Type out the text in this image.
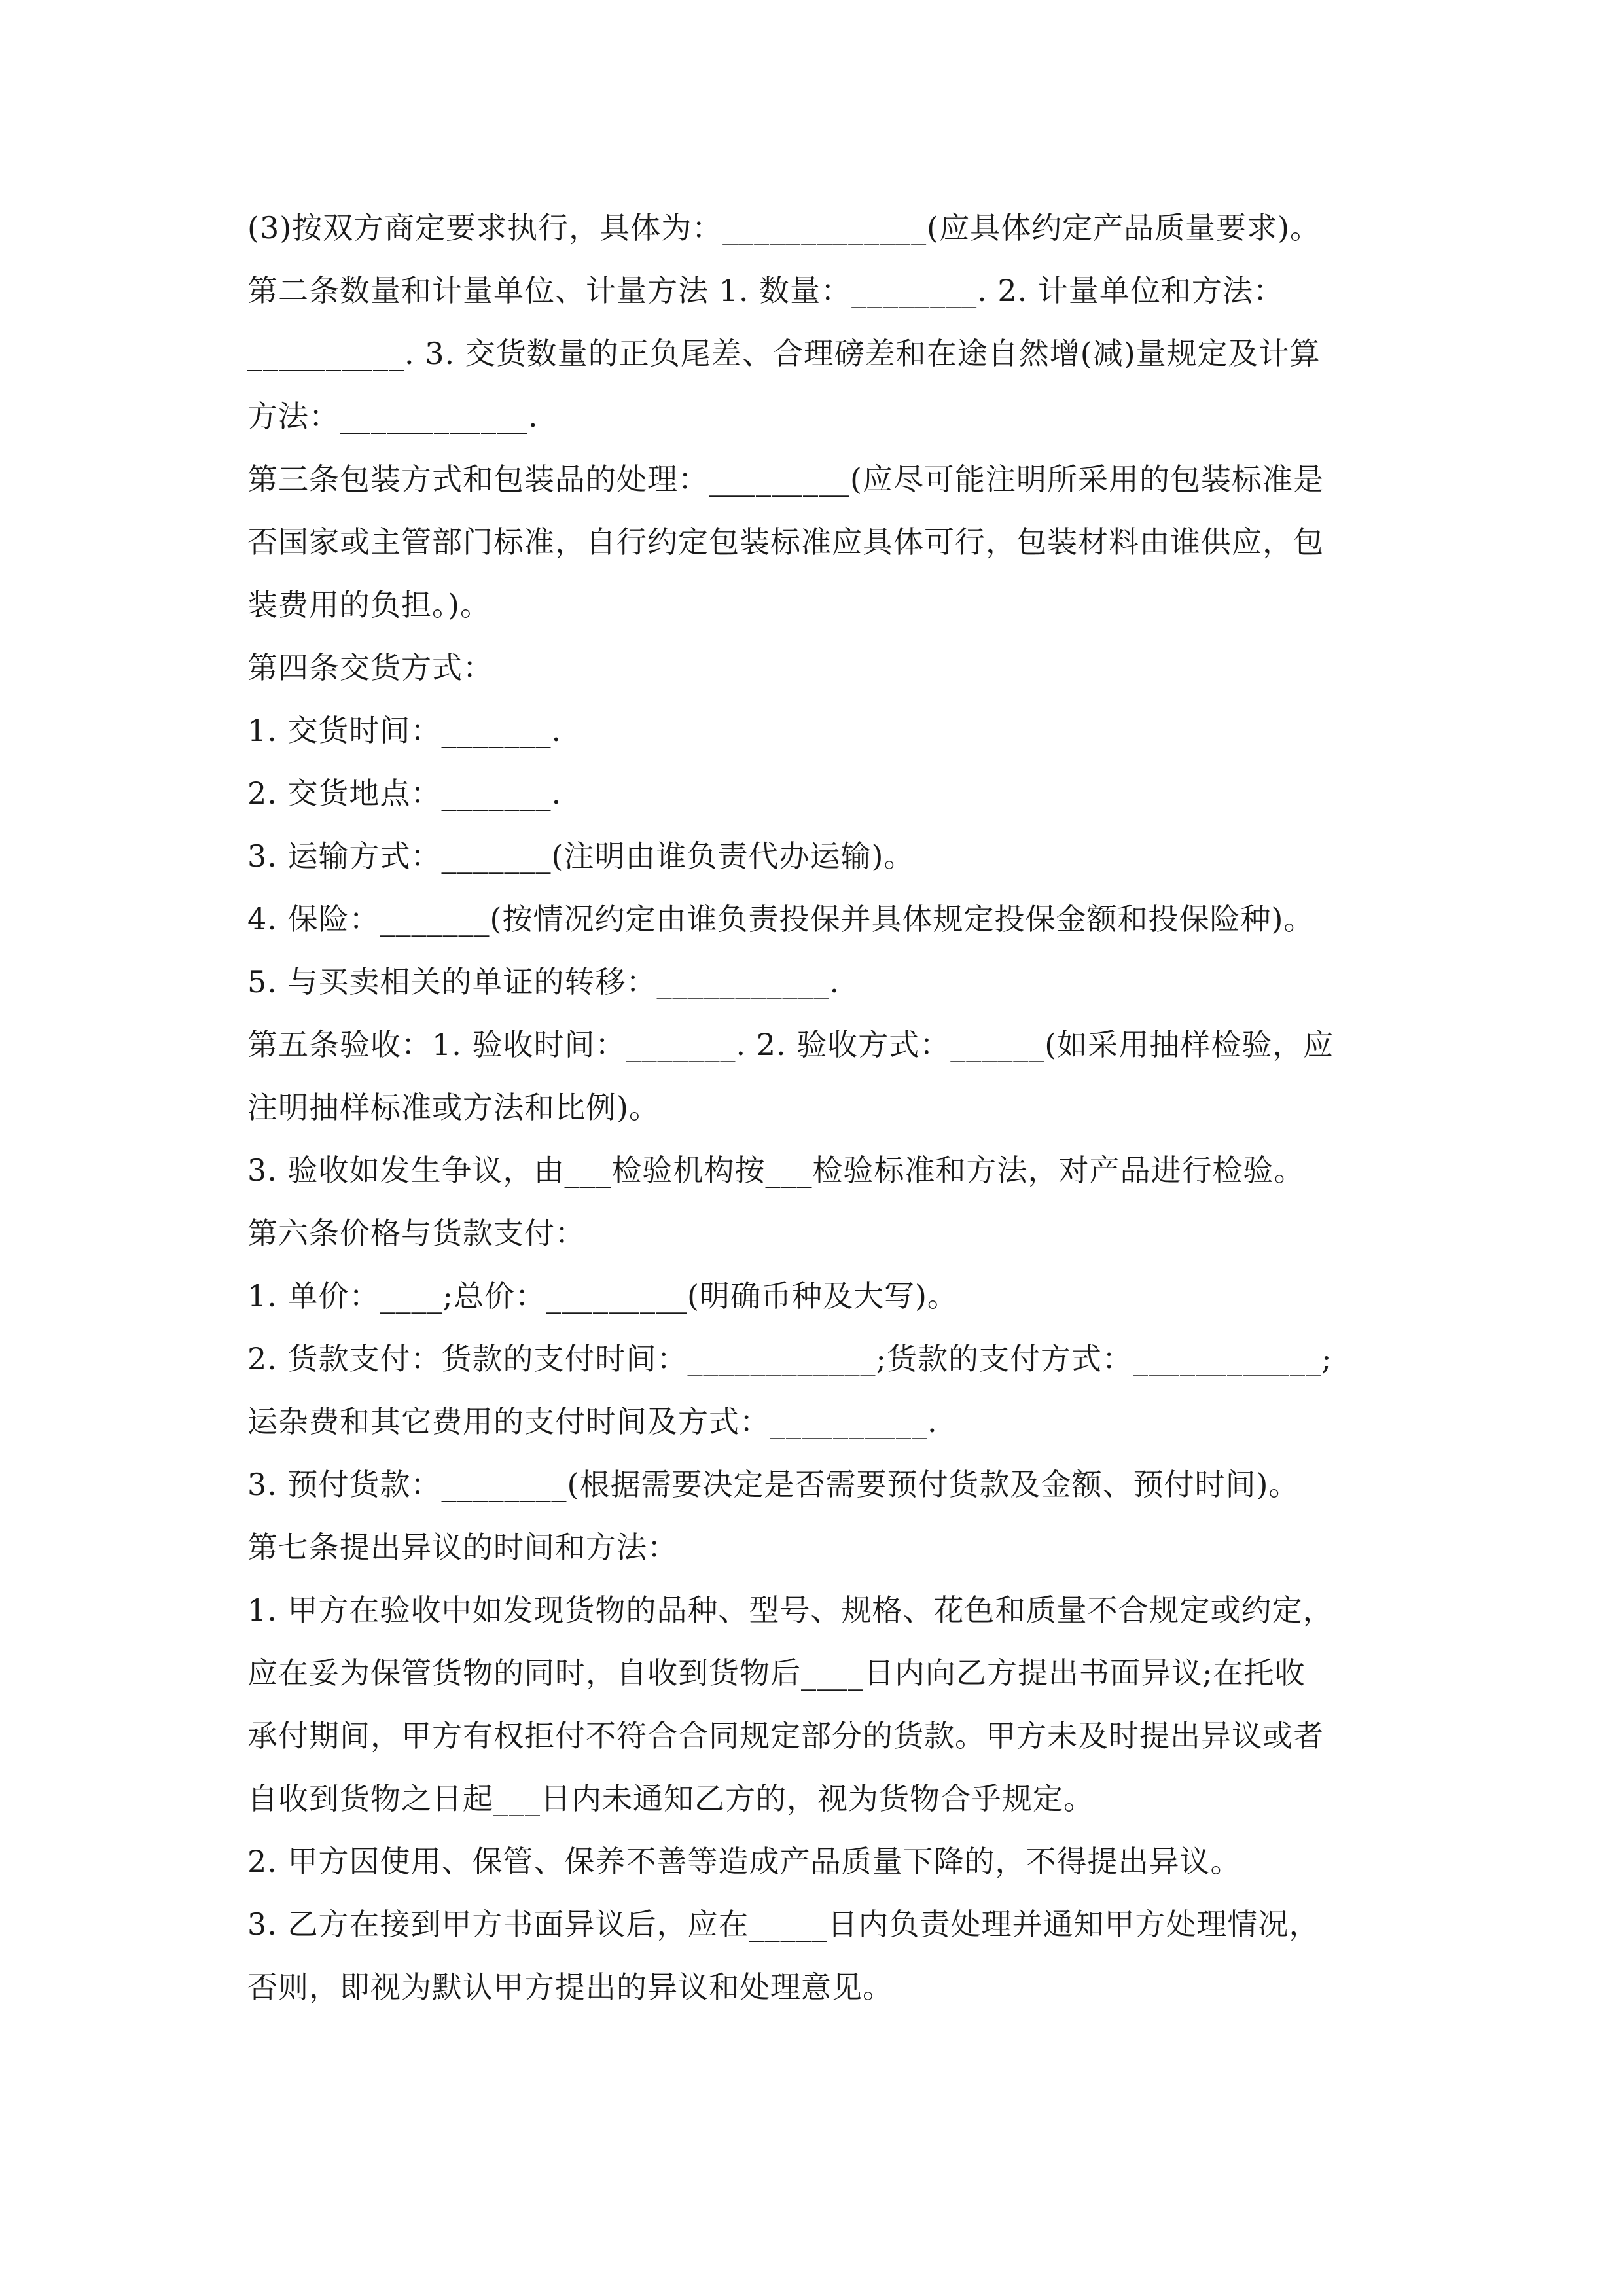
(3)按双方商定要求执行，具体为：_____________(应具体约定产品质量要求)。
第二条数量和计量单位、计量方法 1. 数量：________. 2. 计量单位和方法：
__________. 3. 交货数量的正负尾差、合理磅差和在途自然增(减)量规定及计算
方法：____________.
第三条包装方式和包装品的处理：_________(应尽可能注明所采用的包装标准是
否国家或主管部门标准，自行约定包装标准应具体可行，包装材料由谁供应，包
装费用的负担。)。
第四条交货方式：
1. 交货时间：_______.
2. 交货地点：_______.
3. 运输方式：_______(注明由谁负责代办运输)。
4. 保险：_______(按情况约定由谁负责投保并具体规定投保金额和投保险种)。
5. 与买卖相关的单证的转移：___________.
第五条验收：1. 验收时间：_______. 2. 验收方式：______(如采用抽样检验，应
注明抽样标准或方法和比例)。
3. 验收如发生争议，由___检验机构按___检验标准和方法，对产品进行检验。
第六条价格与货款支付：
1. 单价：____;总价：_________(明确币种及大写)。
2. 货款支付：货款的支付时间：____________;货款的支付方式：____________;
运杂费和其它费用的支付时间及方式：__________.
3. 预付货款：________(根据需要决定是否需要预付货款及金额、预付时间)。
第七条提出异议的时间和方法：
1. 甲方在验收中如发现货物的品种、型号、规格、花色和质量不合规定或约定，
应在妥为保管货物的同时，自收到货物后____日内向乙方提出书面异议;在托收
承付期间，甲方有权拒付不符合合同规定部分的货款。甲方未及时提出异议或者
自收到货物之日起___日内未通知乙方的，视为货物合乎规定。
2. 甲方因使用、保管、保养不善等造成产品质量下降的，不得提出异议。
3. 乙方在接到甲方书面异议后，应在_____日内负责处理并通知甲方处理情况，
否则，即视为默认甲方提出的异议和处理意见。
